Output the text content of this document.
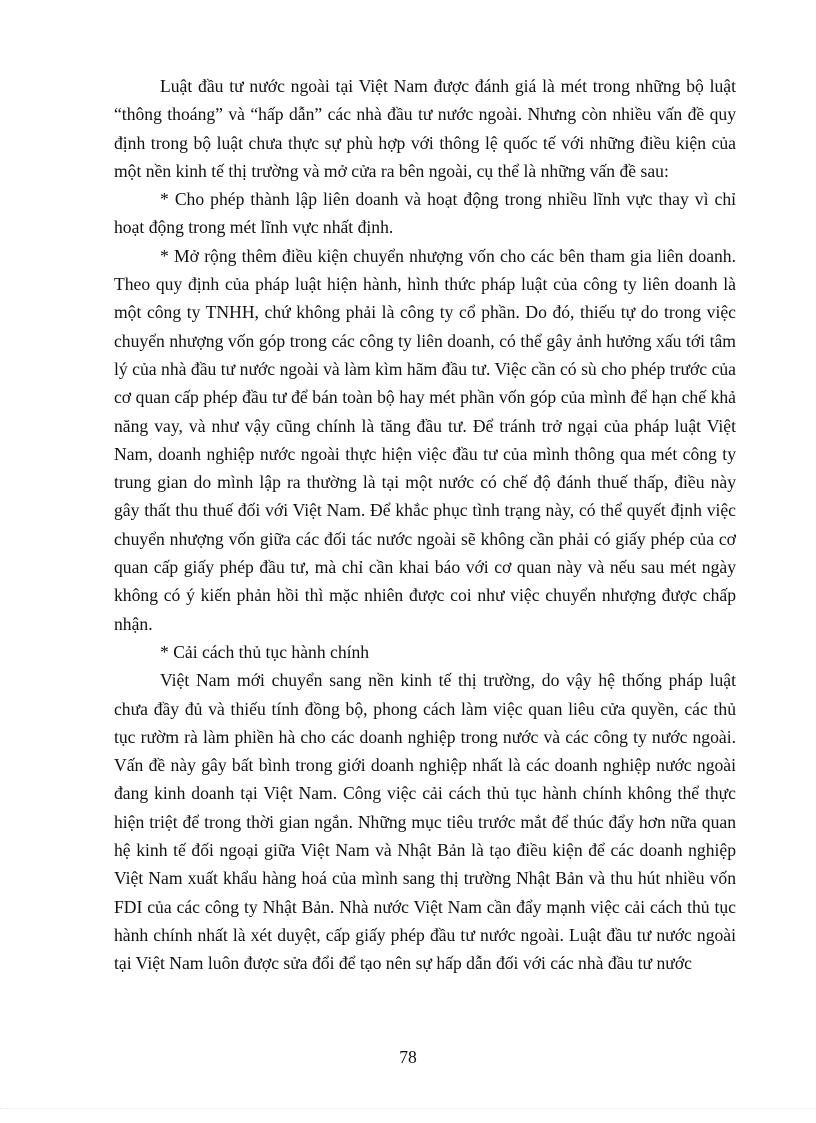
Luật đầu tư nước ngoài tại Việt Nam được đánh giá là mét trong những bộ luật “thông thoáng” và “hấp dẫn” các nhà đầu tư nước ngoài. Nhưng còn nhiều vấn đề quy định trong bộ luật chưa thực sự phù hợp với thông lệ quốc tế với những điều kiện của một nền kinh tế thị trường và mở cửa ra bên ngoài, cụ thể là những vấn đề sau:

* Cho phép thành lập liên doanh và hoạt động trong nhiều lĩnh vực thay vì chỉ hoạt động trong mét lĩnh vực nhất định.

* Mở rộng thêm điều kiện chuyển nhượng vốn cho các bên tham gia liên doanh. Theo quy định của pháp luật hiện hành, hình thức pháp luật của công ty liên doanh là một công ty TNHH, chứ không phải là công ty cổ phần. Do đó, thiếu tự do trong việc chuyển nhượng vốn góp trong các công ty liên doanh, có thể gây ảnh hưởng xấu tới tâm lý của nhà đầu tư nước ngoài và làm kìm hãm đầu tư. Việc cần có sù cho phép trước của cơ quan cấp phép đầu tư để bán toàn bộ hay mét phần vốn góp của mình để hạn chế khả năng vay, và như vậy cũng chính là tăng đầu tư. Để tránh trở ngại của pháp luật Việt Nam, doanh nghiệp nước ngoài thực hiện việc đầu tư của mình thông qua mét công ty trung gian do mình lập ra thường là tại một nước có chế độ đánh thuế thấp, điều này gây thất thu thuế đối với Việt Nam. Để khắc phục tình trạng này, có thể quyết định việc chuyển nhượng vốn giữa các đối tác nước ngoài sẽ không cần phải có giấy phép của cơ quan cấp giấy phép đầu tư, mà chỉ cần khai báo với cơ quan này và nếu sau mét ngày không có ý kiến phản hồi thì mặc nhiên được coi như việc chuyển nhượng được chấp nhận.

* Cải cách thủ tục hành chính

Việt Nam mới chuyển sang nền kinh tế thị trường, do vậy hệ thống pháp luật chưa đầy đủ và thiếu tính đồng bộ, phong cách làm việc quan liêu cửa quyền, các thủ tục rườm rà làm phiền hà cho các doanh nghiệp trong nước và các công ty nước ngoài. Vấn đề này gây bất bình trong giới doanh nghiệp nhất là các doanh nghiệp nước ngoài đang kinh doanh tại Việt Nam. Công việc cải cách thủ tục hành chính không thể thực hiện triệt để trong thời gian ngắn. Những mục tiêu trước mắt để thúc đẩy hơn nữa quan hệ kinh tế đối ngoại giữa Việt Nam và Nhật Bản là tạo điều kiện để các doanh nghiệp Việt Nam xuất khẩu hàng hoá của mình sang thị trường Nhật Bản và thu hút nhiều vốn FDI của các công ty Nhật Bản. Nhà nước Việt Nam cần đẩy mạnh việc cải cách thủ tục hành chính nhất là xét duyệt, cấp giấy phép đầu tư nước ngoài. Luật đầu tư nước ngoài tại Việt Nam luôn được sửa đổi để tạo nên sự hấp dẫn đối với các nhà đầu tư nước

78
